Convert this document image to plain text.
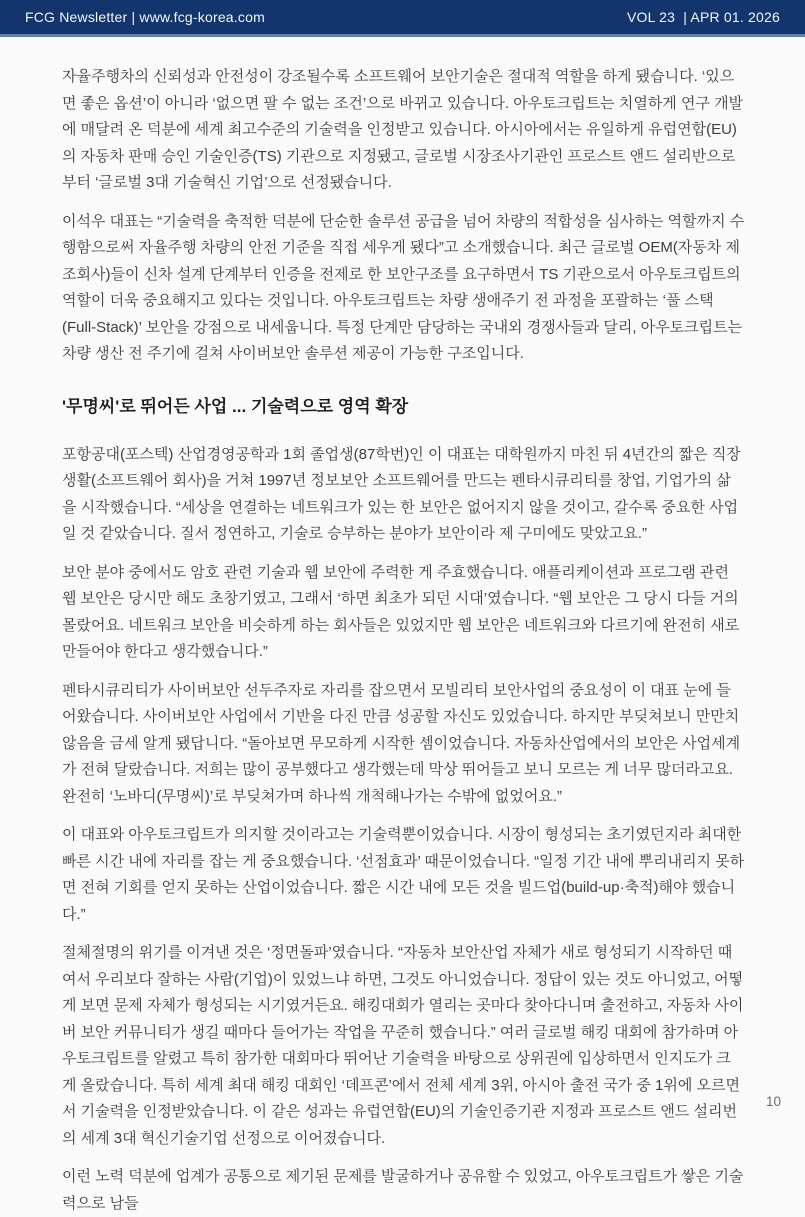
FCG Newsletter | www.fcg-korea.com	VOL 23  | APR 01. 2026

자율주행차의 신뢰성과 안전성이 강조될수록 소프트웨어 보안기술은 절대적 역할을 하게 됐습니다. ‘있으면 좋은 옵션’이 아니라 ‘없으면 팔 수 없는 조건’으로 바뀌고 있습니다. 아우토크립트는 치열하게 연구 개발에 매달려 온 덕분에 세계 최고수준의 기술력을 인정받고 있습니다. 아시아에서는 유일하게 유럽연합(EU)의 자동차 판매 승인 기술인증(TS) 기관으로 지정됐고, 글로벌 시장조사기관인 프로스트 앤드 설리반으로부터 ‘글로벌 3대 기술혁신 기업’으로 선정됐습니다.

이석우 대표는 “기술력을 축적한 덕분에 단순한 솔루션 공급을 넘어 차량의 적합성을 심사하는 역할까지 수행함으로써 자율주행 차량의 안전 기준을 직접 세우게 됐다”고 소개했습니다. 최근 글로벌 OEM(자동차 제조회사)들이 신차 설계 단계부터 인증을 전제로 한 보안구조를 요구하면서 TS 기관으로서 아우토크립트의 역할이 더욱 중요해지고 있다는 것입니다. 아우토크립트는 차량 생애주기 전 과정을 포괄하는 ‘풀 스택(Full-Stack)’ 보안을 강점으로 내세웁니다. 특정 단계만 담당하는 국내외 경쟁사들과 달리, 아우토크립트는 차량 생산 전 주기에 걸쳐 사이버보안 솔루션 제공이 가능한 구조입니다.

'무명씨'로 뛰어든 사업 ... 기술력으로 영역 확장

포항공대(포스텍) 산업경영공학과 1회 졸업생(87학번)인 이 대표는 대학원까지 마친 뒤 4년간의 짧은 직장생활(소프트웨어 회사)을 거쳐 1997년 정보보안 소프트웨어를 만드는 펜타시큐리티를 창업, 기업가의 삶을 시작했습니다. “세상을 연결하는 네트워크가 있는 한 보안은 없어지지 않을 것이고, 갈수록 중요한 사업일 것 같았습니다. 질서 정연하고, 기술로 승부하는 분야가 보안이라 제 구미에도 맞았고요.”

보안 분야 중에서도 암호 관련 기술과 웹 보안에 주력한 게 주효했습니다. 애플리케이션과 프로그램 관련 웹 보안은 당시만 해도 초창기였고, 그래서 ‘하면 최초가 되던 시대’였습니다. “웹 보안은 그 당시 다들 거의 몰랐어요. 네트워크 보안을 비슷하게 하는 회사들은 있었지만 웹 보안은 네트워크와 다르기에 완전히 새로 만들어야 한다고 생각했습니다.”

펜타시큐리티가 사이버보안 선두주자로 자리를 잡으면서 모빌리티 보안사업의 중요성이 이 대표 눈에 들어왔습니다. 사이버보안 사업에서 기반을 다진 만큼 성공할 자신도 있었습니다. 하지만 부딪쳐보니 만만치 않음을 금세 알게 됐답니다. “돌아보면 무모하게 시작한 셈이었습니다. 자동차산업에서의 보안은 사업세계가 전혀 달랐습니다. 저희는 많이 공부했다고 생각했는데 막상 뛰어들고 보니 모르는 게 너무 많더라고요. 완전히 ‘노바디(무명씨)’로 부딪쳐가며 하나씩 개척해나가는 수밖에 없었어요.”

이 대표와 아우토크립트가 의지할 것이라고는 기술력뿐이었습니다. 시장이 형성되는 초기였던지라 최대한 빠른 시간 내에 자리를 잡는 게 중요했습니다. ‘선점효과’ 때문이었습니다. “일정 기간 내에 뿌리내리지 못하면 전혀 기회를 얻지 못하는 산업이었습니다. 짧은 시간 내에 모든 것을 빌드업(build-up·축적)해야 했습니다.”

절체절명의 위기를 이겨낸 것은 ‘정면돌파’였습니다. “자동차 보안산업 자체가 새로 형성되기 시작하던 때여서 우리보다 잘하는 사람(기업)이 있었느냐 하면, 그것도 아니었습니다. 정답이 있는 것도 아니었고, 어떻게 보면 문제 자체가 형성되는 시기였거든요. 해킹대회가 열리는 곳마다 찾아다니며 출전하고, 자동차 사이버 보안 커뮤니티가 생길 때마다 들어가는 작업을 꾸준히 했습니다.” 여러 글로벌 해킹 대회에 참가하며 아우토크립트를 알렸고 특히 참가한 대회마다 뛰어난 기술력을 바탕으로 상위권에 입상하면서 인지도가 크게 올랐습니다. 특히 세계 최대 해킹 대회인 ‘데프콘’에서 전체 세계 3위, 아시아 출전 국가 중 1위에 오르면서 기술력을 인정받았습니다. 이 같은 성과는 유럽연합(EU)의 기술인증기관 지정과 프로스트 앤드 설리번의 세계 3대 혁신기술기업 선정으로 이어졌습니다.

이런 노력 덕분에 업계가 공통으로 제기된 문제를 발굴하거나 공유할 수 있었고, 아우토크립트가 쌓은 기술력으로 남들

10
